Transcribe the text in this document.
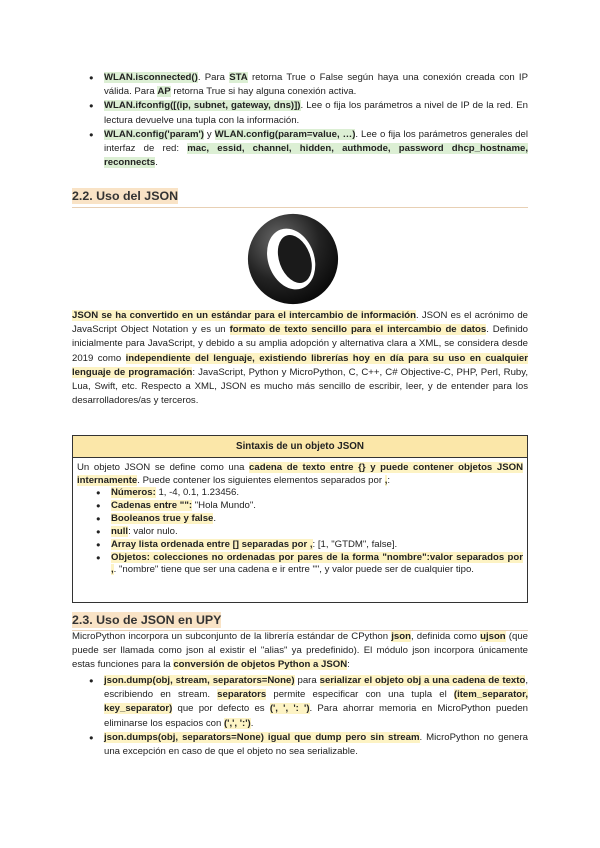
● WLAN.isconnected(). Para STA retorna True o False según haya una conexión creada con IP válida. Para AP retorna True si hay alguna conexión activa.
● WLAN.ifconfig([(ip, subnet, gateway, dns)]). Lee o fija los parámetros a nivel de IP de la red. En lectura devuelve una tupla con la información.
● WLAN.config('param') y WLAN.config(param=value, …). Lee o fija los parámetros generales del interfaz de red: mac, essid, channel, hidden, authmode, password dhcp_hostname, reconnects.
2.2. Uso del JSON
JSON se ha convertido en un estándar para el intercambio de información. JSON es el acrónimo de JavaScript Object Notation y es un formato de texto sencillo para el intercambio de datos. Definido inicialmente para JavaScript, y debido a su amplia adopción y alternativa clara a XML, se considera desde 2019 como independiente del lenguaje, existiendo librerías hoy en día para su uso en cualquier lenguaje de programación: JavaScript, Python y MicroPython, C, C++, C# Objective-C, PHP, Perl, Ruby, Lua, Swift, etc. Respecto a XML, JSON es mucho más sencillo de escribir, leer, y de entender para los desarrolladores/as y terceros.
Sintaxis de un objeto JSON
Un objeto JSON se define como una cadena de texto entre {} y puede contener objetos JSON internamente. Puede contener los siguientes elementos separados por ,:
● Números: 1, -4, 0.1, 1.23456.
● Cadenas entre "": "Hola Mundo".
● Booleanos true y false.
● null: valor nulo.
● Array lista ordenada entre [] separadas por ,: [1, "GTDM", false].
● Objetos: colecciones no ordenadas por pares de la forma "nombre":valor separados por ,. "nombre" tiene que ser una cadena e ir entre "", y valor puede ser de cualquier tipo.
2.3. Uso de JSON en UPY
MicroPython incorpora un subconjunto de la librería estándar de CPython json, definida como ujson (que puede ser llamada como json al existir el "alias" ya predefinido). El módulo json incorpora únicamente estas funciones para la conversión de objetos Python a JSON:
● json.dump(obj, stream, separators=None) para serializar el objeto obj a una cadena de texto, escribiendo en stream. separators permite especificar con una tupla el (item_separator, key_separator) que por defecto es (', ', ': '). Para ahorrar memoria en MicroPython pueden eliminarse los espacios con (',', ':').
● json.dumps(obj, separators=None) igual que dump pero sin stream. MicroPython no genera una excepción en caso de que el objeto no sea serializable.
